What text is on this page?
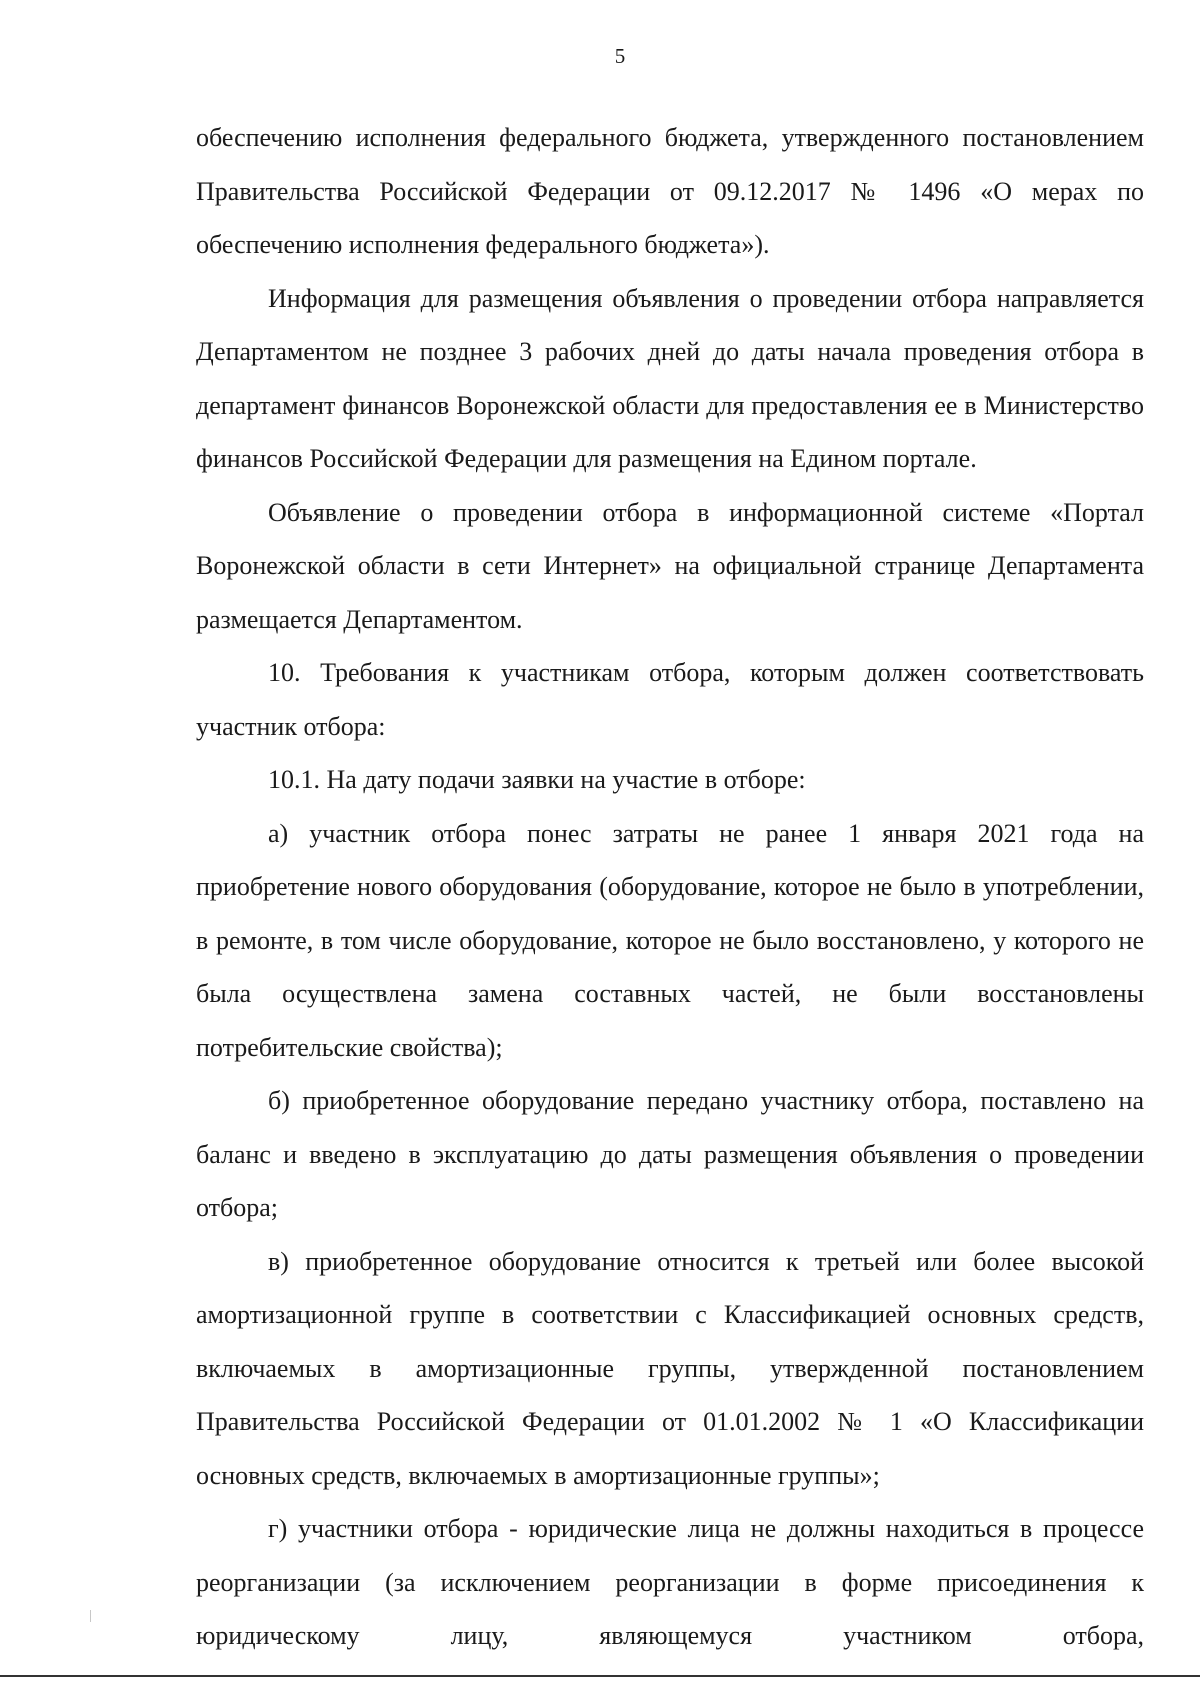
5

обеспечению исполнения федерального бюджета, утвержденного постановлением Правительства Российской Федерации от 09.12.2017 № 1496 «О мерах по обеспечению исполнения федерального бюджета»).

Информация для размещения объявления о проведении отбора направляется Департаментом не позднее 3 рабочих дней до даты начала проведения отбора в департамент финансов Воронежской области для предоставления ее в Министерство финансов Российской Федерации для размещения на Едином портале.

Объявление о проведении отбора в информационной системе «Портал Воронежской области в сети Интернет» на официальной странице Департамента размещается Департаментом.

10. Требования к участникам отбора, которым должен соответствовать участник отбора:

10.1. На дату подачи заявки на участие в отборе:

а) участник отбора понес затраты не ранее 1 января 2021 года на приобретение нового оборудования (оборудование, которое не было в употреблении, в ремонте, в том числе оборудование, которое не было восстановлено, у которого не была осуществлена замена составных частей, не были восстановлены потребительские свойства);

б) приобретенное оборудование передано участнику отбора, поставлено на баланс и введено в эксплуатацию до даты размещения объявления о проведении отбора;

в) приобретенное оборудование относится к третьей или более высокой амортизационной группе в соответствии с Классификацией основных средств, включаемых в амортизационные группы, утвержденной постановлением Правительства Российской Федерации от 01.01.2002 № 1 «О Классификации основных средств, включаемых в амортизационные группы»;

г) участники отбора - юридические лица не должны находиться в процессе реорганизации (за исключением реорганизации в форме присоединения к юридическому лицу, являющемуся участником отбора,
